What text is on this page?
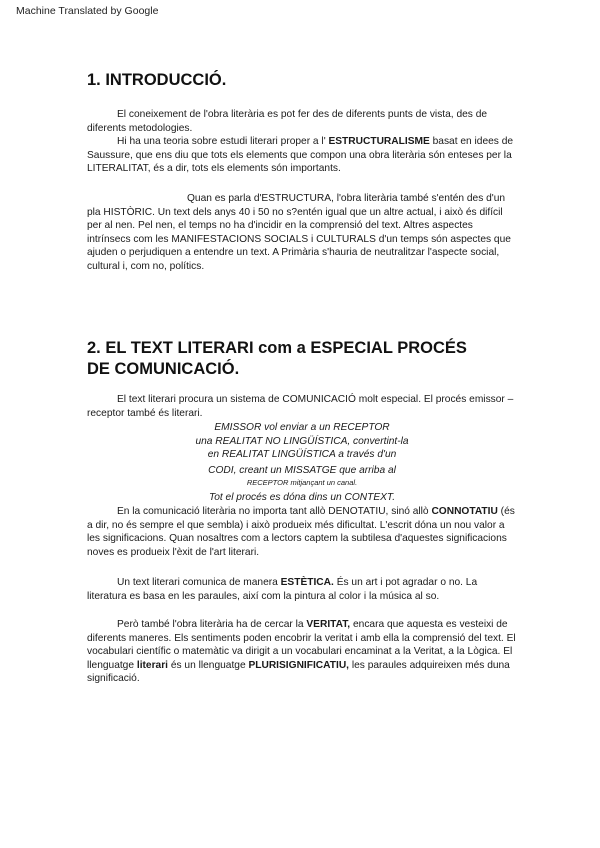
Machine Translated by Google
1. INTRODUCCIÓ.

El coneixement de l'obra literària es pot fer des de diferents punts de vista, des de diferents metodologies.

Hi ha una teoria sobre estudi literari proper a l' ESTRUCTURALISME basat en idees de Saussure, que ens diu que tots els elements que compon una obra literària són enteses per la LITERALITAT, és a dir, tots els elements són importants.

Quan es parla d'ESTRUCTURA, l'obra literària també s'entén des d'un pla HISTÒRIC. Un text dels anys 40 i 50 no s?entén igual que un altre actual, i això és difícil per al nen. Pel nen, el temps no ha d'incidir en la comprensió del text. Altres aspectes intrínsecs com les MANIFESTACIONS SOCIALS i CULTURALS d'un temps són aspectes que ajuden o perjudiquen a entendre un text. A Primària s'hauria de neutralitzar l'aspecte social, cultural i, com no, polítics.

2. EL TEXT LITERARI com a ESPECIAL PROCÉS
DE COMUNICACIÓ.

El text literari procura un sistema de COMUNICACIÓ molt especial. El procés emissor – receptor també és literari.

EMISSOR vol enviar a un RECEPTOR
una REALITAT NO LINGÜÍSTICA, convertint-la
en REALITAT LINGÜÍSTICA a través d'un
CODI, creant un MISSATGE que arriba al
RECEPTOR mitjançant un canal.
Tot el procés es dóna dins un CONTEXT.

En la comunicació literària no importa tant allò DENOTATIU, sinó allò CONNOTATIU (és a dir, no és sempre el que sembla) i això produeix més dificultat. L'escrit dóna un nou valor a les significacions. Quan nosaltres com a lectors captem la subtilesa d'aquestes significacions noves es produeix l'èxit de l'art literari.

Un text literari comunica de manera ESTÈTICA. És un art i pot agradar o no. La literatura es basa en les paraules, així com la pintura al color i la música al so.

Però també l'obra literària ha de cercar la VERITAT, encara que aquesta es vesteixi de diferents maneres. Els sentiments poden encobrir la veritat i amb ella la comprensió del text. El vocabulari científic o matemàtic va dirigit a un vocabulari encaminat a la Veritat, a la Lògica. El llenguatge literari és un llenguatge PLURISIGNIFICATIU, les paraules adquireixen més duna significació.
